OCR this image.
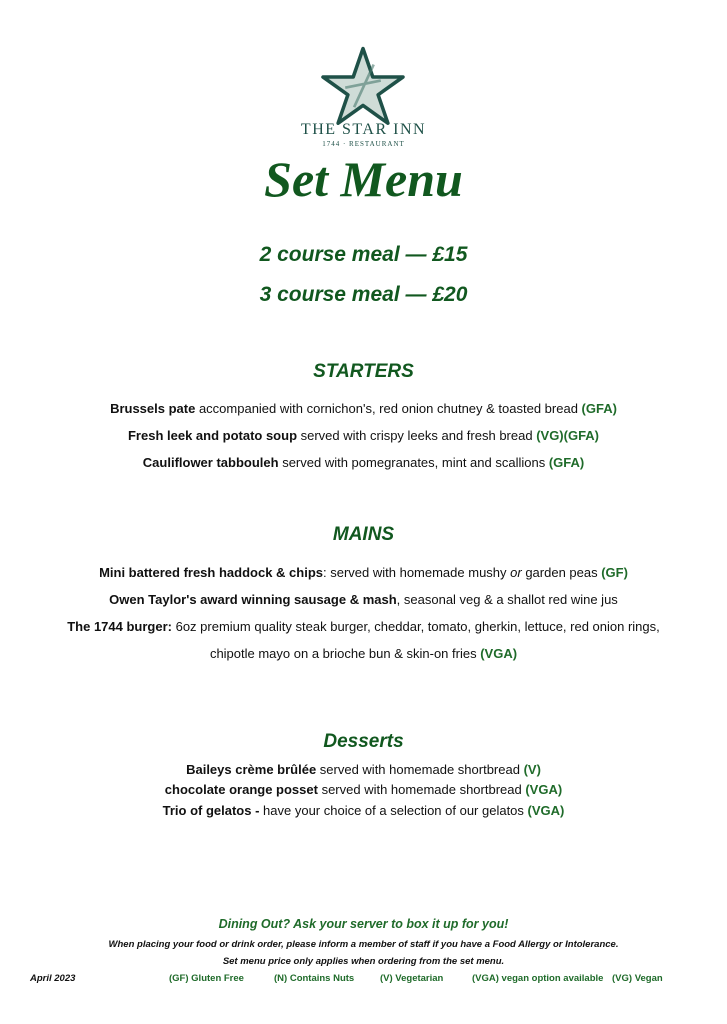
THE STAR INN
1744 · RESTAURANT
Set Menu
2 course meal — £15
3 course meal — £20
STARTERS
Brussels pate accompanied with cornichon's, red onion chutney & toasted bread (GFA)
Fresh leek and potato soup served with crispy leeks and fresh bread (VG)(GFA)
Cauliflower tabbouleh served with pomegranates, mint and scallions (GFA)
MAINS
Mini battered fresh haddock & chips: served with homemade mushy or garden peas (GF)
Owen Taylor's award winning sausage & mash, seasonal veg & a shallot red wine jus
The 1744 burger: 6oz premium quality steak burger, cheddar, tomato, gherkin, lettuce, red onion rings,
chipotle mayo on a brioche bun & skin-on fries (VGA)
Desserts
Baileys crème brûlée served with homemade shortbread (V)
chocolate orange posset served with homemade shortbread (VGA)
Trio of gelatos - have your choice of a selection of our gelatos (VGA)
Dining Out? Ask your server to box it up for you!
When placing your food or drink order, please inform a member of staff if you have a Food Allergy or Intolerance.
Set menu price only applies when ordering from the set menu.
April 2023	(GF) Gluten Free	(N) Contains Nuts	(V) Vegetarian	(VGA) vegan option available (VG) Vegan
